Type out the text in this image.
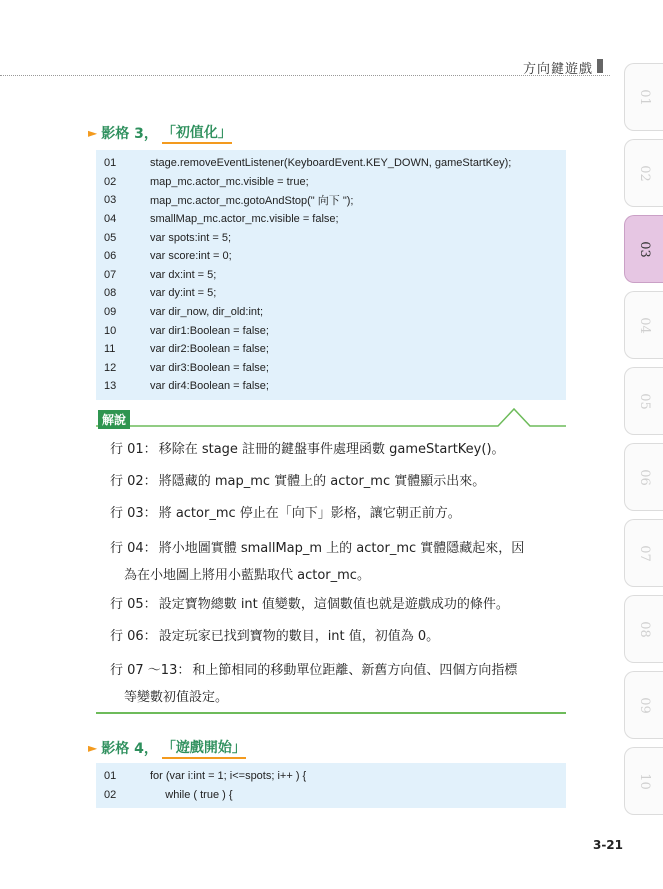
方向鍵遊戲
01
02
03
04
05
06
07
08
09
10
► 影格 3， 「初值化」
01	stage.removeEventListener(KeyboardEvent.KEY_DOWN, gameStartKey);
02	map_mc.actor_mc.visible = true;
03	map_mc.actor_mc.gotoAndStop(" 向下 ");
04	smallMap_mc.actor_mc.visible = false;
05	var spots:int = 5;
06	var score:int = 0;
07	var dx:int = 5;
08	var dy:int = 5;
09	var dir_now, dir_old:int;
10	var dir1:Boolean = false;
11	var dir2:Boolean = false;
12	var dir3:Boolean = false;
13	var dir4:Boolean = false;
解說
行 01： 移除在 stage 註冊的鍵盤事件處理函數 gameStartKey()。
行 02： 將隱藏的 map_mc 實體上的 actor_mc 實體顯示出來。
行 03： 將 actor_mc 停止在「向下」影格，讓它朝正前方。
行 04： 將小地圖實體 smallMap_m 上的 actor_mc 實體隱藏起來，因
為在小地圖上將用小藍點取代 actor_mc。
行 05： 設定寶物總數 int 值變數，這個數值也就是遊戲成功的條件。
行 06： 設定玩家已找到寶物的數目，int 值，初值為 0。
行 07 ～13： 和上節相同的移動單位距離、新舊方向值、四個方向指標
等變數初值設定。
► 影格 4， 「遊戲開始」
01	for (var i:int = 1; i<=spots; i++ ) {
02	while ( true ) {
3-21
